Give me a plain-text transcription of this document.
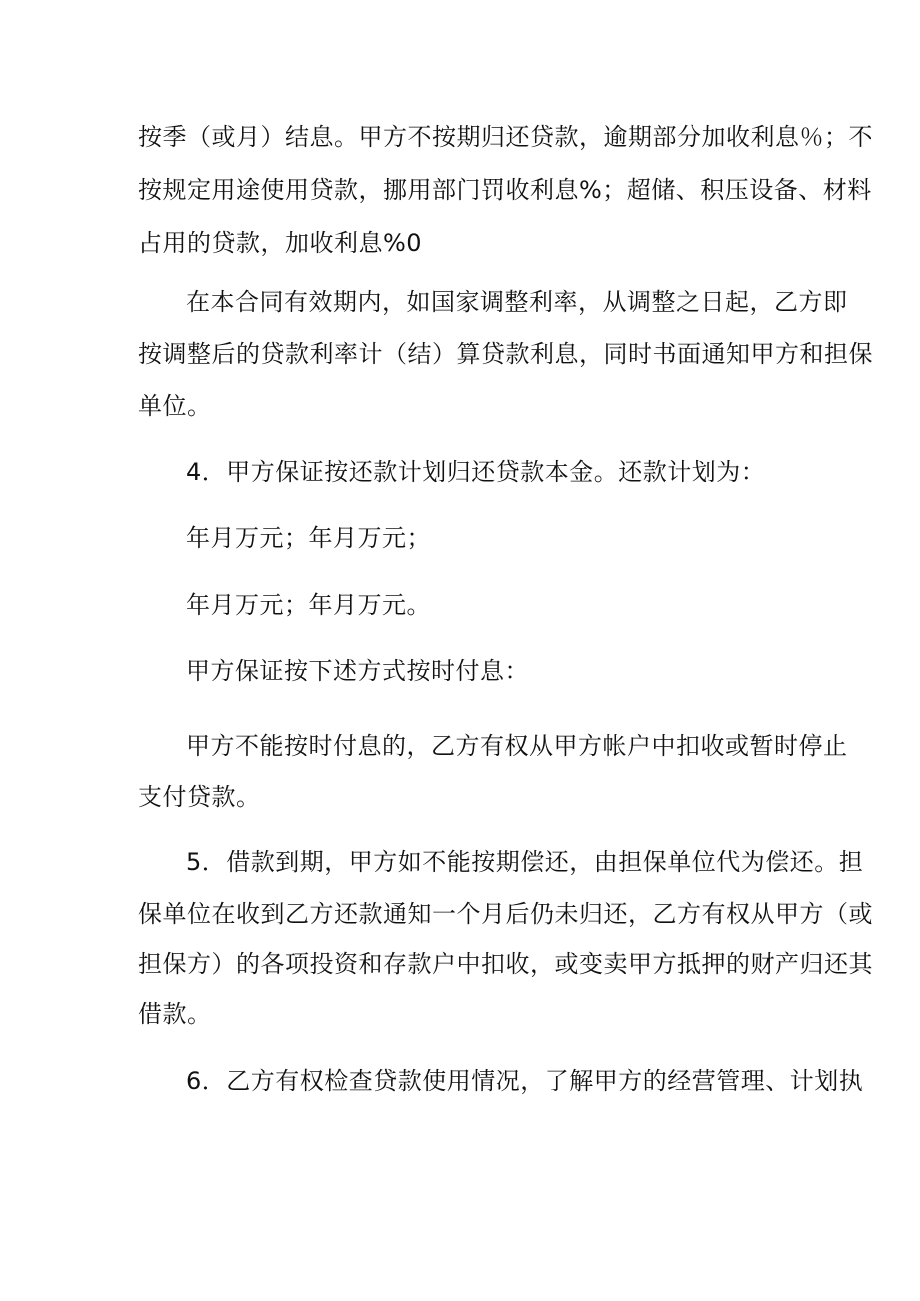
按季（或月）结息。甲方不按期归还贷款，逾期部分加收利息％；不
按规定用途使用贷款，挪用部门罚收利息%；超储、积压设备、材料
占用的贷款，加收利息%0
在本合同有效期内，如国家调整利率，从调整之日起，乙方即
按调整后的贷款利率计（结）算贷款利息，同时书面通知甲方和担保
单位。
4．甲方保证按还款计划归还贷款本金。还款计划为：
年月万元；年月万元；
年月万元；年月万元。
甲方保证按下述方式按时付息：
甲方不能按时付息的，乙方有权从甲方帐户中扣收或暂时停止
支付贷款。
5．借款到期，甲方如不能按期偿还，由担保单位代为偿还。担
保单位在收到乙方还款通知一个月后仍未归还，乙方有权从甲方（或
担保方）的各项投资和存款户中扣收，或变卖甲方抵押的财产归还其
借款。
6．乙方有权检查贷款使用情况，了解甲方的经营管理、计划执
